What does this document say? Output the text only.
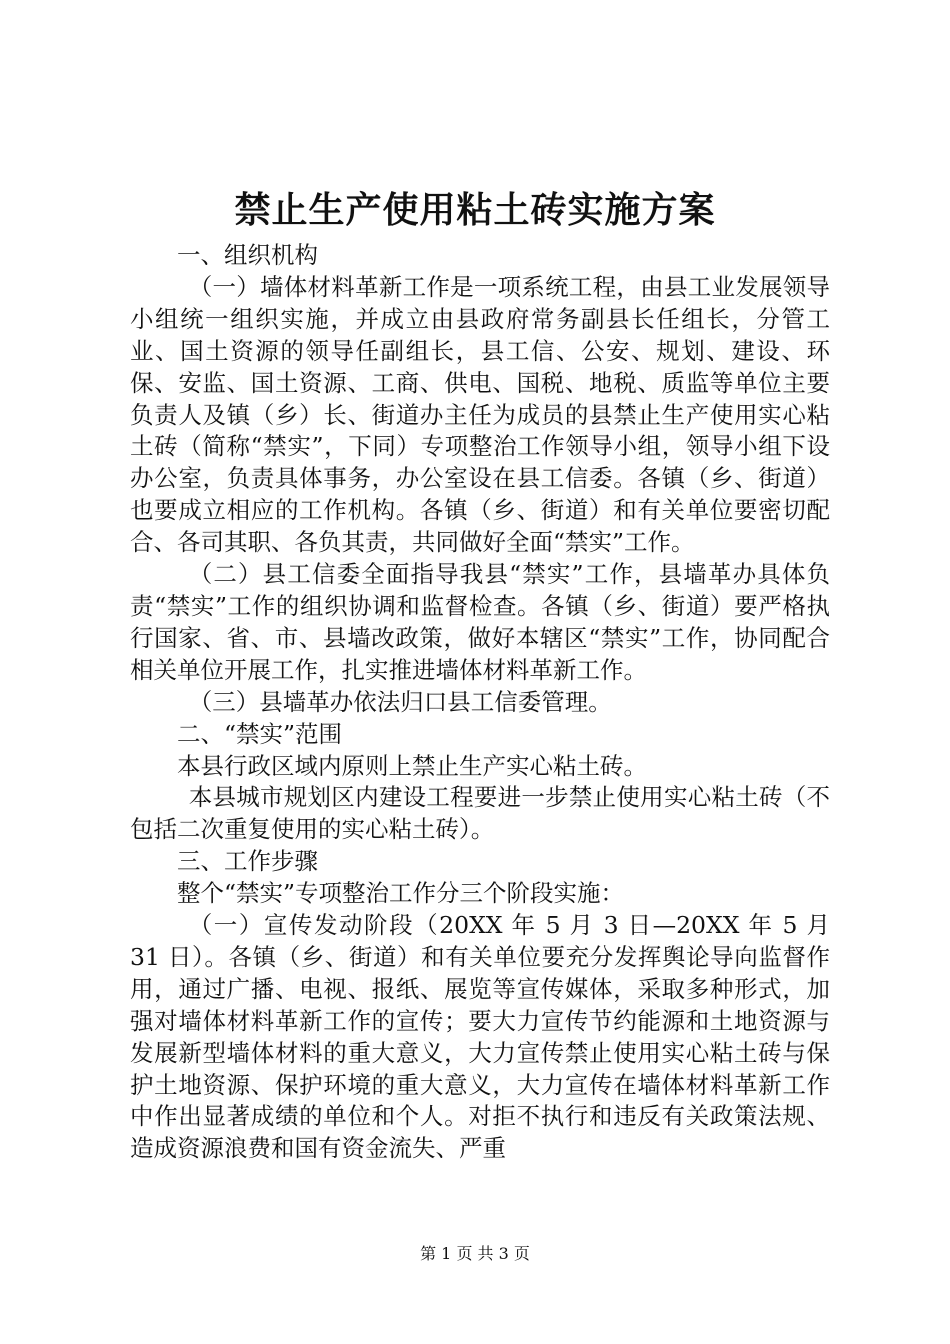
禁止生产使用粘土砖实施方案

一、组织机构

（一）墙体材料革新工作是一项系统工程，由县工业发展领导小组统一组织实施，并成立由县政府常务副县长任组长，分管工业、国土资源的领导任副组长，县工信、公安、规划、建设、环保、安监、国土资源、工商、供电、国税、地税、质监等单位主要负责人及镇（乡）长、街道办主任为成员的县禁止生产使用实心粘土砖（简称“禁实”，下同）专项整治工作领导小组，领导小组下设办公室，负责具体事务，办公室设在县工信委。各镇（乡、街道）也要成立相应的工作机构。各镇（乡、街道）和有关单位要密切配合、各司其职、各负其责，共同做好全面“禁实”工作。

（二）县工信委全面指导我县“禁实”工作，县墙革办具体负责“禁实”工作的组织协调和监督检查。各镇（乡、街道）要严格执行国家、省、市、县墙改政策，做好本辖区“禁实”工作，协同配合相关单位开展工作，扎实推进墙体材料革新工作。

（三）县墙革办依法归口县工信委管理。

二、“禁实”范围

本县行政区域内原则上禁止生产实心粘土砖。

本县城市规划区内建设工程要进一步禁止使用实心粘土砖（不包括二次重复使用的实心粘土砖）。

三、工作步骤

整个“禁实”专项整治工作分三个阶段实施：

（一）宣传发动阶段（20XX 年 5 月 3 日—20XX 年 5 月 31 日）。各镇（乡、街道）和有关单位要充分发挥舆论导向监督作用，通过广播、电视、报纸、展览等宣传媒体，采取多种形式，加强对墙体材料革新工作的宣传；要大力宣传节约能源和土地资源与发展新型墙体材料的重大意义，大力宣传禁止使用实心粘土砖与保护土地资源、保护环境的重大意义，大力宣传在墙体材料革新工作中作出显著成绩的单位和个人。对拒不执行和违反有关政策法规、造成资源浪费和国有资金流失、严重

第 1 页 共 3 页
